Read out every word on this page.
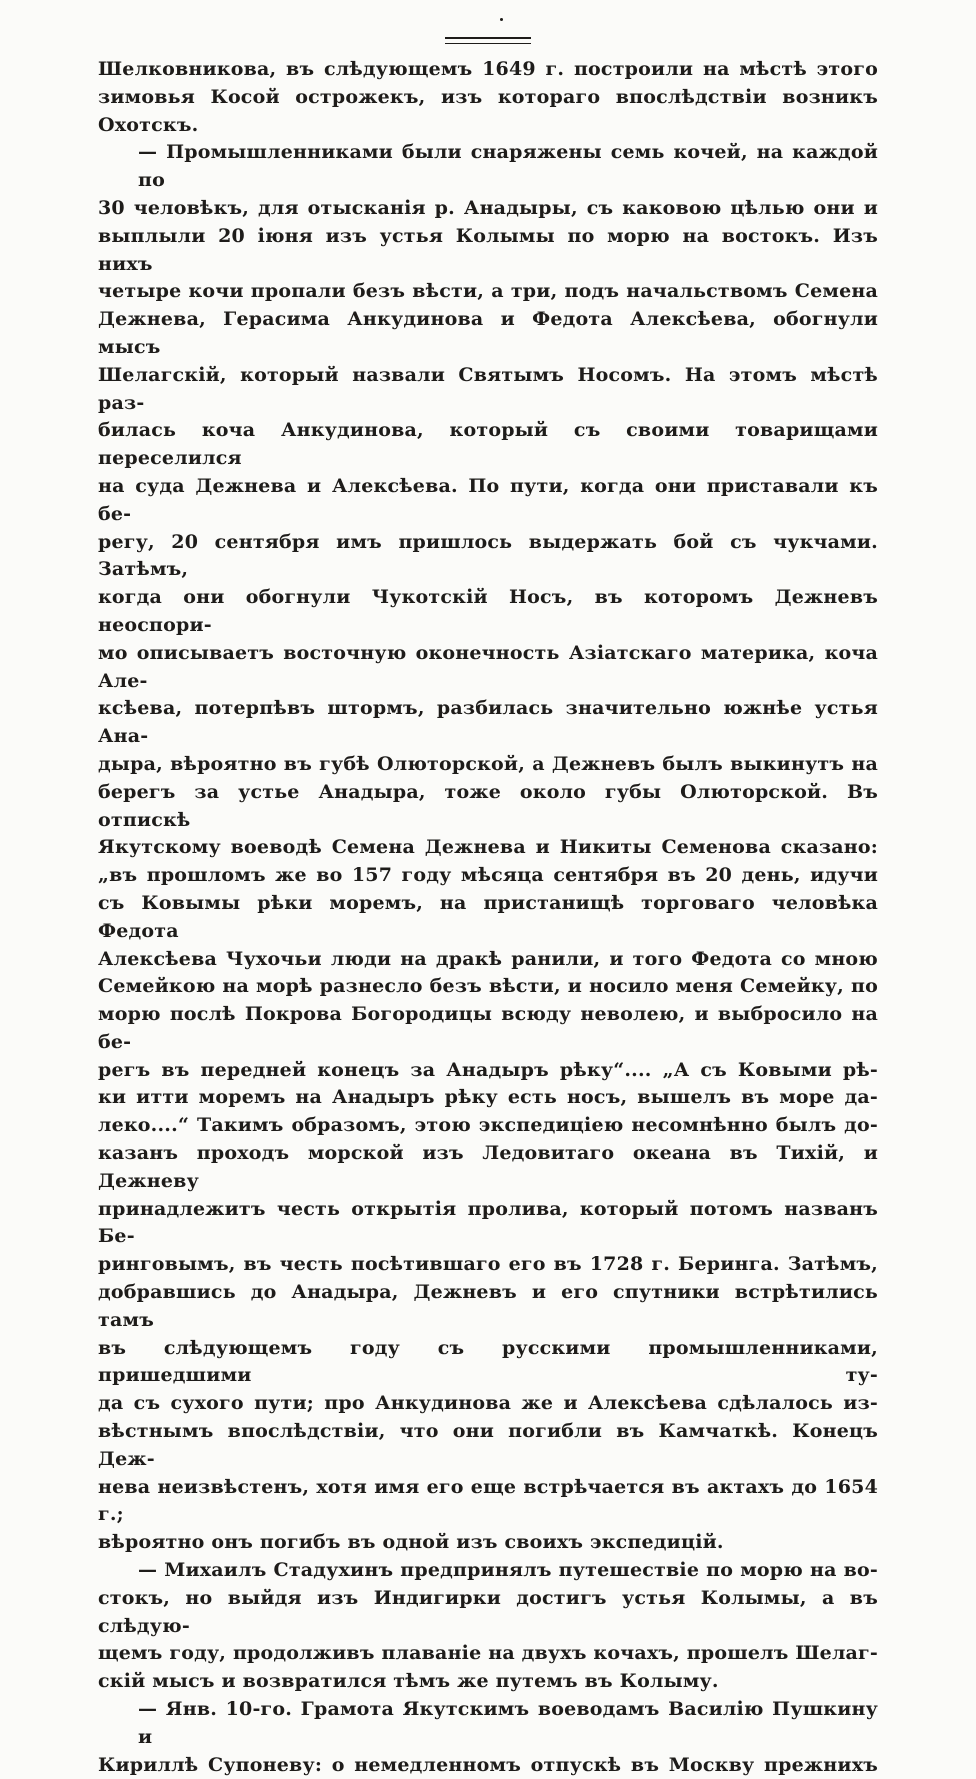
Шелковникова, въ слѣдующемъ 1649 г. построили на мѣстѣ этого
зимовья Косой острожекъ, изъ котораго впослѣдствіи возникъ Охотскъ.
— Промышленниками были снаряжены семь кочей, на каждой по
30 человѣкъ, для отысканія р. Анадыры, съ каковою цѣлью они и
выплыли 20 іюня изъ устья Колымы по морю на востокъ. Изъ нихъ
четыре кочи пропали безъ вѣсти, а три, подъ начальствомъ Семена
Дежнева, Герасима Анкудинова и Федота Алексѣева, обогнули мысъ
Шелагскій, который назвали Святымъ Носомъ. На этомъ мѣстѣ раз-
билась коча Анкудинова, который съ своими товарищами переселился
на суда Дежнева и Алексѣева. По пути, когда они приставали къ бе-
регу, 20 сентября имъ пришлось выдержать бой съ чукчами. Затѣмъ,
когда они обогнули Чукотскій Носъ, въ которомъ Дежневъ неоспори-
мо описываетъ восточную оконечность Азіатскаго материка, коча Але-
ксѣева, потерпѣвъ штормъ, разбилась значительно южнѣе устья Ана-
дыра, вѣроятно въ губѣ Олюторской, а Дежневъ былъ выкинутъ на
берегъ за устье Анадыра, тоже около губы Олюторской. Въ отпискѣ
Якутскому воеводѣ Семена Дежнева и Никиты Семенова сказано:
„въ прошломъ же во 157 году мѣсяца сентября въ 20 день, идучи
съ Ковымы рѣки моремъ, на пристанищѣ торговаго человѣка Федота
Алексѣева Чухочьи люди на дракѣ ранили, и того Федота со мною
Семейкою на морѣ разнесло безъ вѣсти, и носило меня Семейку, по
морю послѣ Покрова Богородицы всюду неволею, и выбросило на бе-
регъ въ передней конецъ за Анадыръ рѣку“.... „А съ Ковыми рѣ-
ки итти моремъ на Анадыръ рѣку есть носъ, вышелъ въ море да-
леко....“ Такимъ образомъ, этою экспедиціею несомнѣнно былъ до-
казанъ проходъ морской изъ Ледовитаго океана въ Тихій, и Дежневу
принадлежитъ честь открытія пролива, который потомъ названъ Бе-
ринговымъ, въ честь посѣтившаго его въ 1728 г. Беринга. Затѣмъ,
добравшись до Анадыра, Дежневъ и его спутники встрѣтились тамъ
въ слѣдующемъ году съ русскими промышленниками, пришедшими ту-
да съ сухого пути; про Анкудинова же и Алексѣева сдѣлалось из-
вѣстнымъ впослѣдствіи, что они погибли въ Камчаткѣ. Конецъ Деж-
нева неизвѣстенъ, хотя имя его еще встрѣчается въ актахъ до 1654 г.;
вѣроятно онъ погибъ въ одной изъ своихъ экспедицій.
— Михаилъ Стадухинъ предпринялъ путешествіе по морю на во-
стокъ, но выйдя изъ Индигирки достигъ устья Колымы, а въ слѣдую-
щемъ году, продолживъ плаваніе на двухъ кочахъ, прошелъ Шелаг-
скій мысъ и возвратился тѣмъ же путемъ въ Колыму.
— Янв. 10-го. Грамота Якутскимъ воеводамъ Василію Пушкину и
Кириллѣ Супоневу: о немедленномъ отпускѣ въ Москву прежнихъ
